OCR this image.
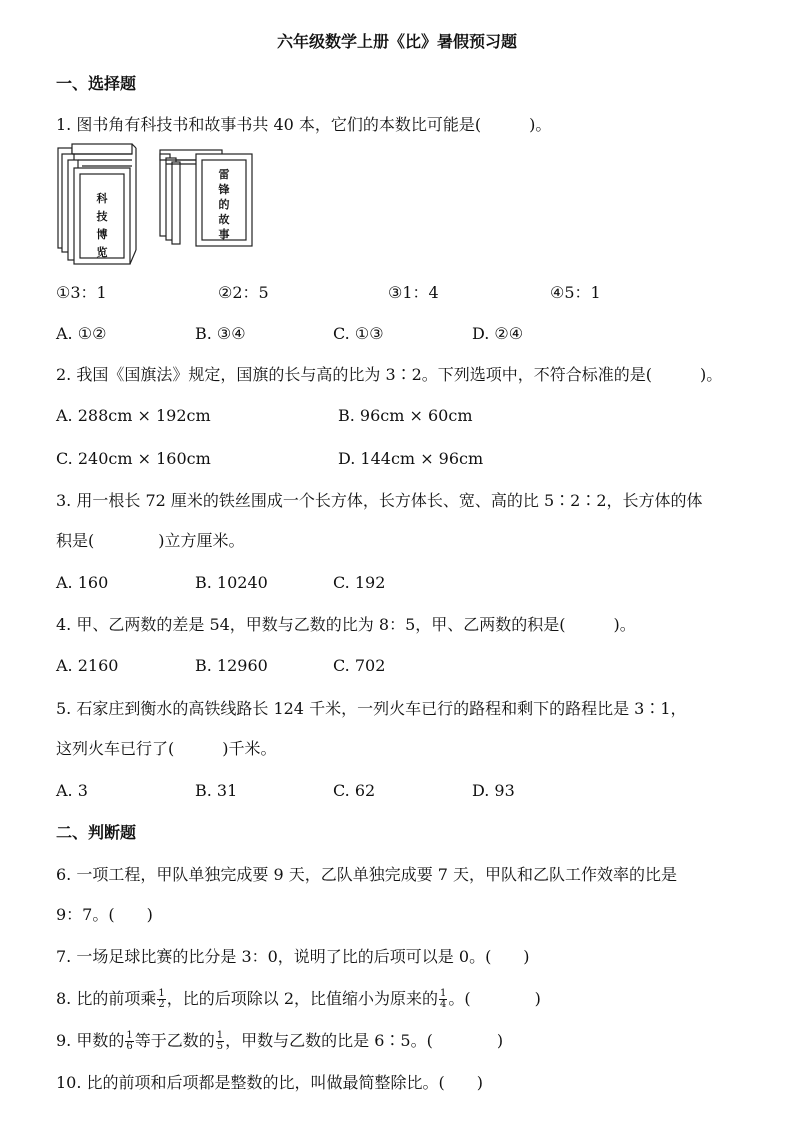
六年级数学上册《比》暑假预习题
一、选择题
1. 图书角有科技书和故事书共 40 本，它们的本数比可能是(　　　)。
科
技
博
览
雷
锋
的
故
事
①3：1	②2：5	③1：4	④5：1
A. ①②	B. ③④	C. ①③	D. ②④
2. 我国《国旗法》规定，国旗的长与高的比为 3∶2。下列选项中，不符合标准的是(　　　)。
A. 288cm × 192cm	B. 96cm × 60cm
C. 240cm × 160cm	D. 144cm × 96cm
3. 用一根长 72 厘米的铁丝围成一个长方体，长方体长、宽、高的比 5∶2∶2，长方体的体
积是(　　　　)立方厘米。
A. 160	B. 10240	C. 192
4. 甲、乙两数的差是 54，甲数与乙数的比为 8：5，甲、乙两数的积是(　　　)。
A. 2160	B. 12960	C. 702
5. 石家庄到衡水的高铁线路长 124 千米，一列火车已行的路程和剩下的路程比是 3∶1，
这列火车已行了(　　　)千米。
A. 3	B. 31	C. 62	D. 93
二、判断题
6. 一项工程，甲队单独完成要 9 天，乙队单独完成要 7 天，甲队和乙队工作效率的比是
9：7。(　　)
7. 一场足球比赛的比分是 3：0，说明了比的后项可以是 0。(　　)
8. 比的前项乘 $\frac{1}{2}$ ，比的后项除以 2，比值缩小为原来的 $\frac{1}{4}$ 。(　　　　)
9. 甲数的 $\frac{1}{6}$ 等于乙数的 $\frac{1}{5}$ ，甲数与乙数的比是 6∶5。(　　　　)
10. 比的前项和后项都是整数的比，叫做最简整除比。(　　)
